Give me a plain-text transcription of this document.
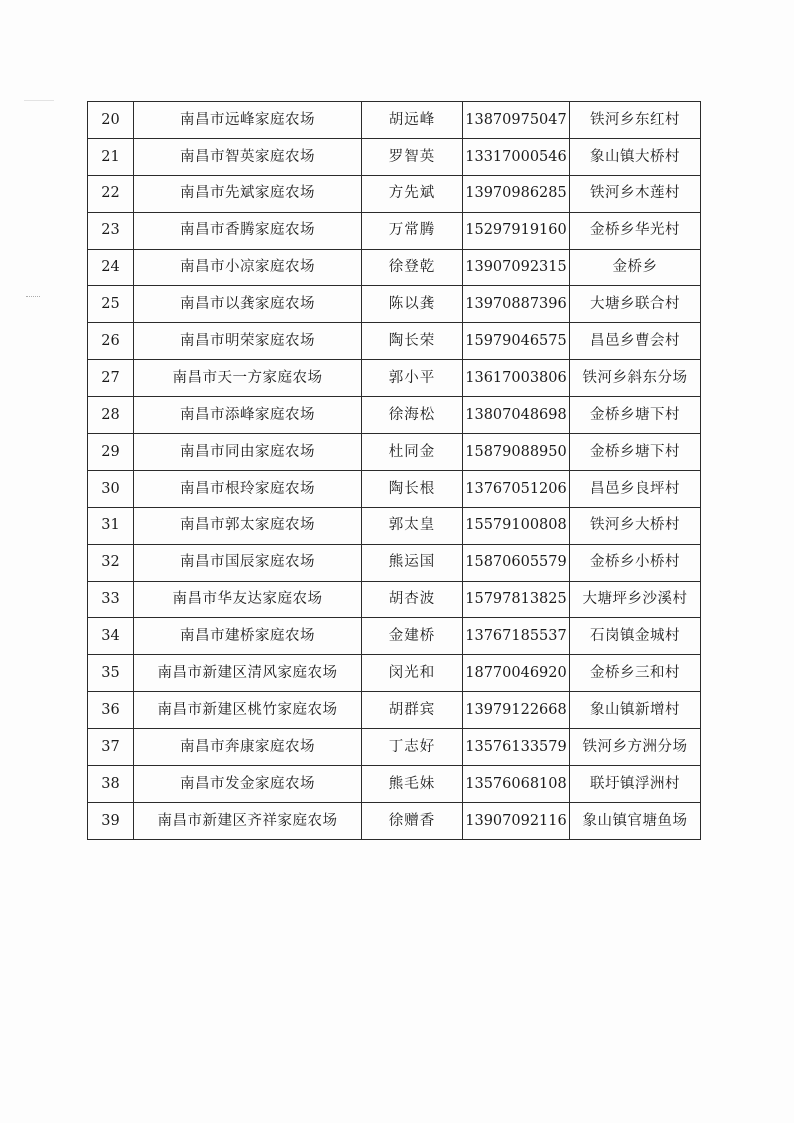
20	南昌市远峰家庭农场	胡远峰	13870975047	铁河乡东红村
21	南昌市智英家庭农场	罗智英	13317000546	象山镇大桥村
22	南昌市先斌家庭农场	方先斌	13970986285	铁河乡木莲村
23	南昌市香腾家庭农场	万常腾	15297919160	金桥乡华光村
24	南昌市小凉家庭农场	徐登乾	13907092315	金桥乡
25	南昌市以龚家庭农场	陈以龚	13970887396	大塘乡联合村
26	南昌市明荣家庭农场	陶长荣	15979046575	昌邑乡曹会村
27	南昌市天一方家庭农场	郭小平	13617003806	铁河乡斜东分场
28	南昌市添峰家庭农场	徐海松	13807048698	金桥乡塘下村
29	南昌市同由家庭农场	杜同金	15879088950	金桥乡塘下村
30	南昌市根玲家庭农场	陶长根	13767051206	昌邑乡良坪村
31	南昌市郭太家庭农场	郭太皇	15579100808	铁河乡大桥村
32	南昌市国辰家庭农场	熊运国	15870605579	金桥乡小桥村
33	南昌市华友达家庭农场	胡杏波	15797813825	大塘坪乡沙溪村
34	南昌市建桥家庭农场	金建桥	13767185537	石岗镇金城村
35	南昌市新建区清风家庭农场	闵光和	18770046920	金桥乡三和村
36	南昌市新建区桃竹家庭农场	胡群宾	13979122668	象山镇新增村
37	南昌市奔康家庭农场	丁志好	13576133579	铁河乡方洲分场
38	南昌市发金家庭农场	熊毛妹	13576068108	联圩镇浮洲村
39	南昌市新建区齐祥家庭农场	徐赠香	13907092116	象山镇官塘鱼场
